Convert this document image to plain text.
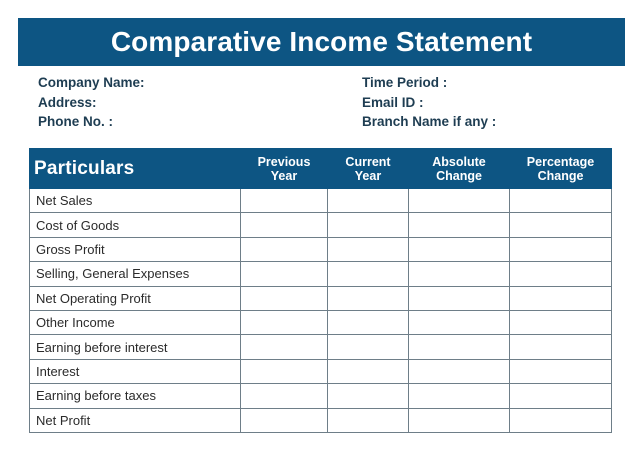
Comparative Income Statement
Company Name:
Address:
Phone No. :
Time Period :
Email ID :
Branch Name if any :
Particulars	Previous Year	Current Year	Absolute Change	Percentage Change

Net Sales				
Cost of Goods				
Gross Profit				
Selling, General Expenses				
Net Operating Profit				
Other Income				
Earning before interest				
Interest				
Earning before taxes				
Net Profit				
